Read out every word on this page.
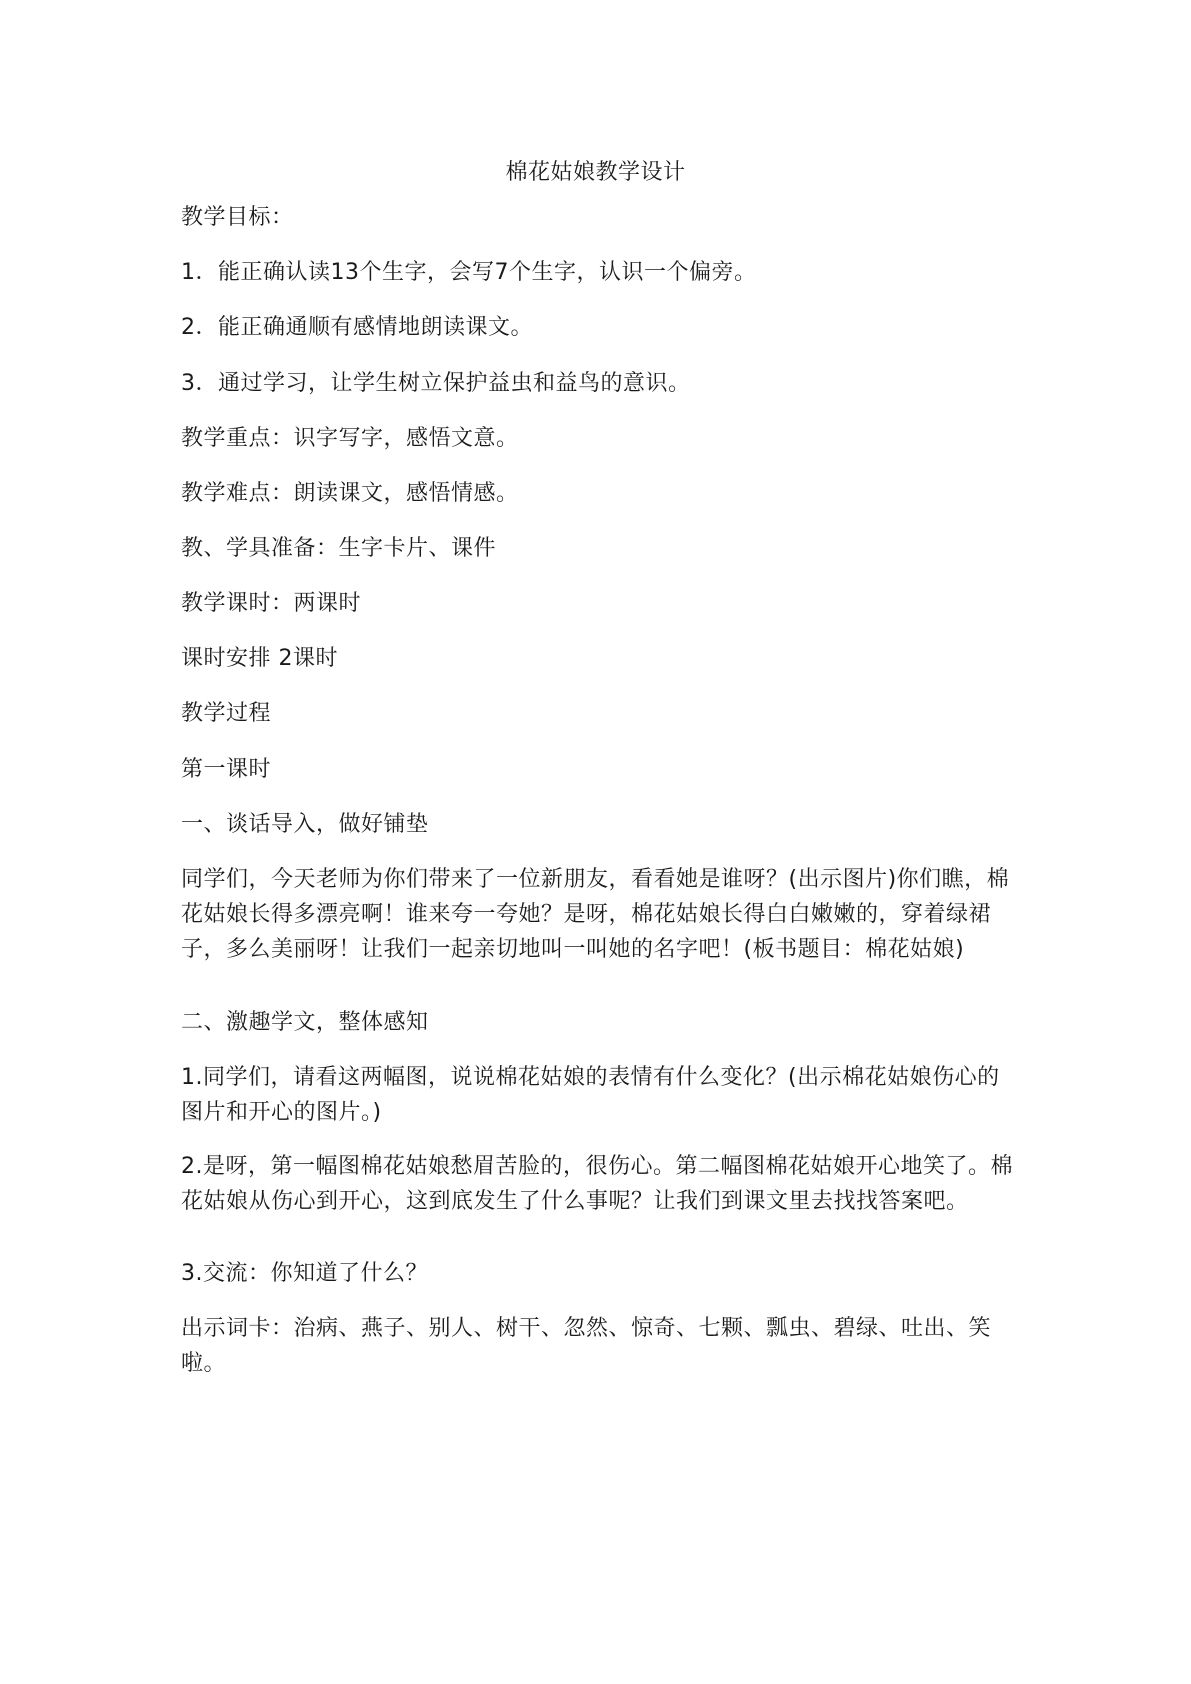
棉花姑娘教学设计

教学目标：

1．能正确认读13个生字，会写7个生字，认识一个偏旁。

2．能正确通顺有感情地朗读课文。

3．通过学习，让学生树立保护益虫和益鸟的意识。

教学重点：识字写字，感悟文意。

教学难点：朗读课文，感悟情感。

教、学具准备：生字卡片、课件

教学课时：两课时

课时安排 2课时

教学过程

第一课时

一、谈话导入，做好铺垫

同学们，今天老师为你们带来了一位新朋友，看看她是谁呀？(出示图片)你们瞧，棉花姑娘长得多漂亮啊！谁来夸一夸她？是呀，棉花姑娘长得白白嫩嫩的，穿着绿裙子，多么美丽呀！让我们一起亲切地叫一叫她的名字吧！(板书题目：棉花姑娘)

二、激趣学文，整体感知

1.同学们，请看这两幅图，说说棉花姑娘的表情有什么变化？(出示棉花姑娘伤心的图片和开心的图片。)

2.是呀，第一幅图棉花姑娘愁眉苦脸的，很伤心。第二幅图棉花姑娘开心地笑了。棉花姑娘从伤心到开心，这到底发生了什么事呢？让我们到课文里去找找答案吧。

3.交流：你知道了什么？

出示词卡：治病、燕子、别人、树干、忽然、惊奇、七颗、瓢虫、碧绿、吐出、笑啦。
